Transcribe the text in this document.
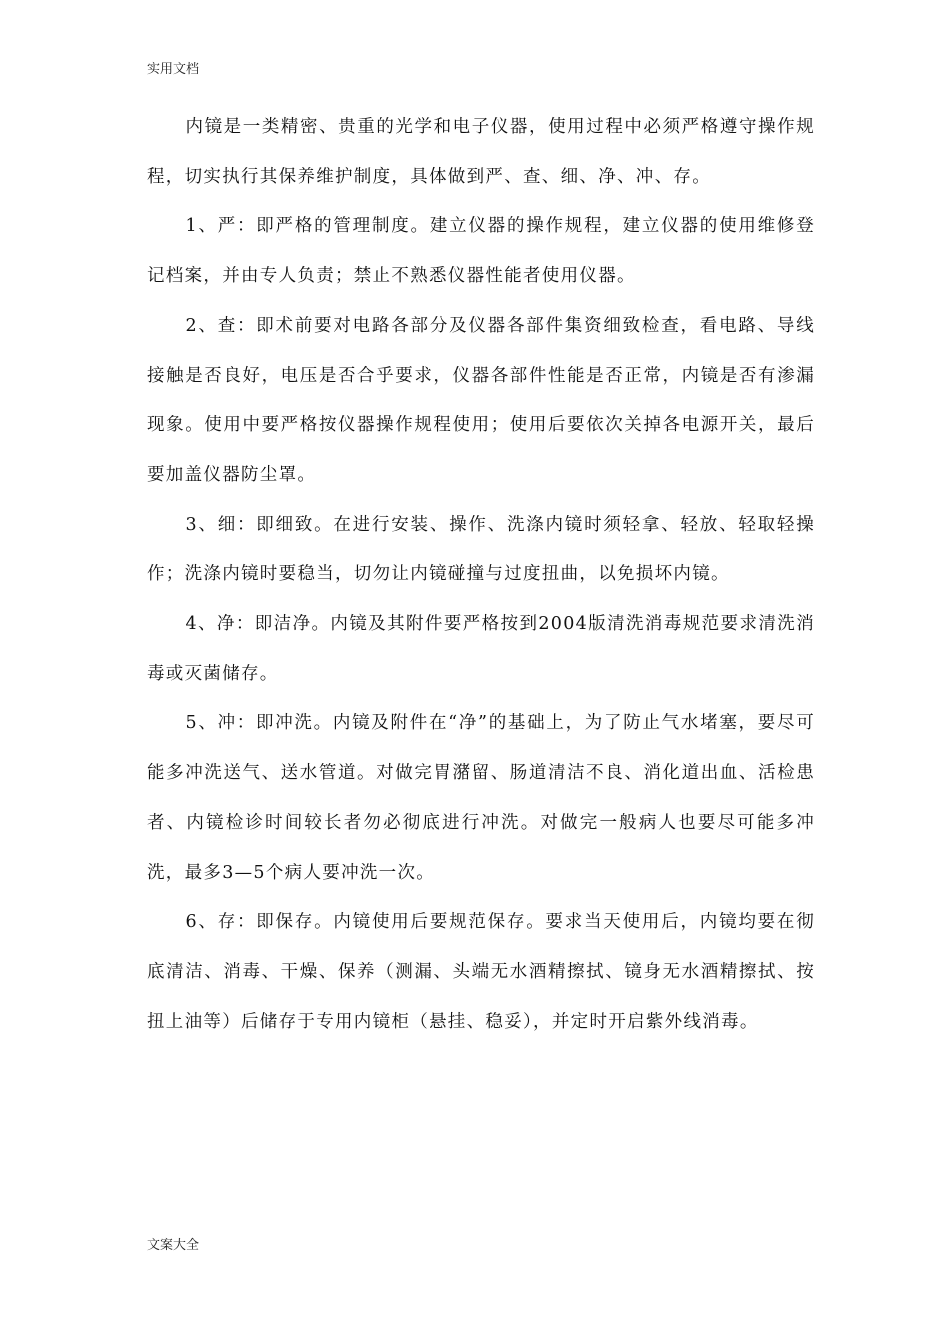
实用文档

内镜是一类精密、贵重的光学和电子仪器，使用过程中必须严格遵守操作规程，切实执行其保养维护制度，具体做到严、查、细、净、冲、存。

1、严：即严格的管理制度。建立仪器的操作规程，建立仪器的使用维修登记档案，并由专人负责；禁止不熟悉仪器性能者使用仪器。

2、查：即术前要对电路各部分及仪器各部件集资细致检查，看电路、导线接触是否良好，电压是否合乎要求，仪器各部件性能是否正常，内镜是否有渗漏现象。使用中要严格按仪器操作规程使用；使用后要依次关掉各电源开关，最后要加盖仪器防尘罩。

3、细：即细致。在进行安装、操作、洗涤内镜时须轻拿、轻放、轻取轻操作；洗涤内镜时要稳当，切勿让内镜碰撞与过度扭曲，以免损坏内镜。

4、净：即洁净。内镜及其附件要严格按到2004版清洗消毒规范要求清洗消毒或灭菌储存。

5、冲：即冲洗。内镜及附件在“净”的基础上，为了防止气水堵塞，要尽可能多冲洗送气、送水管道。对做完胃潴留、肠道清洁不良、消化道出血、活检患者、内镜检诊时间较长者勿必彻底进行冲洗。对做完一般病人也要尽可能多冲洗，最多3—5个病人要冲洗一次。

6、存：即保存。内镜使用后要规范保存。要求当天使用后，内镜均要在彻底清洁、消毒、干燥、保养（测漏、头端无水酒精擦拭、镜身无水酒精擦拭、按扭上油等）后储存于专用内镜柜（悬挂、稳妥），并定时开启紫外线消毒。

文案大全
